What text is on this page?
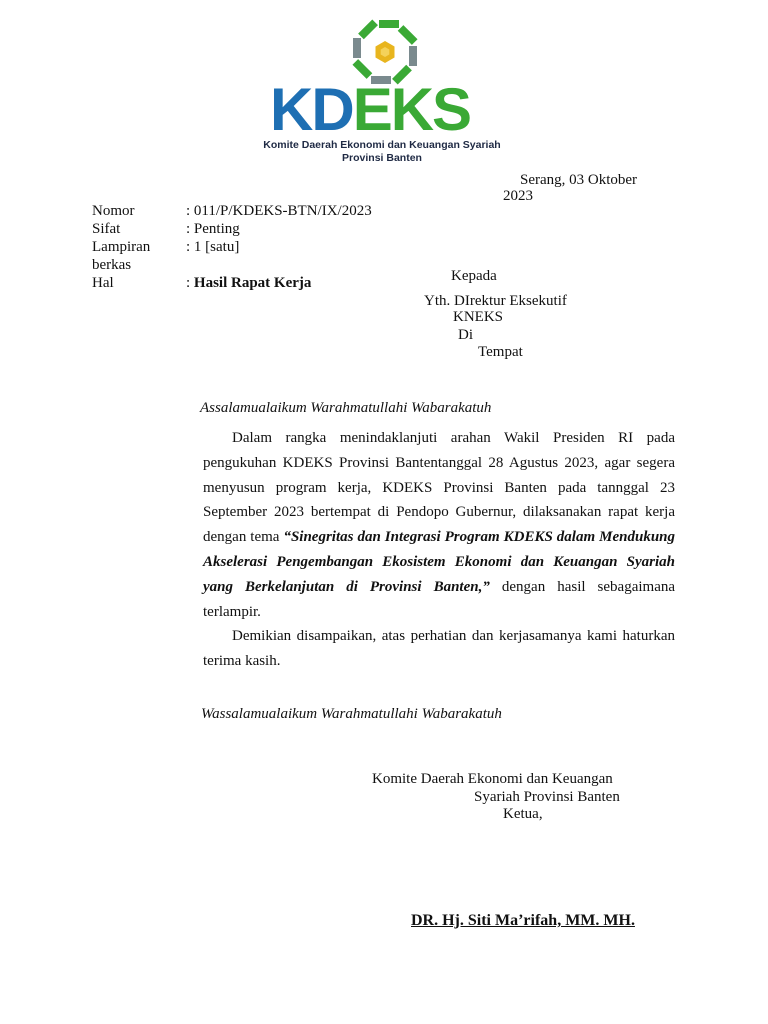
KDEKS
Komite Daerah Ekonomi dan Keuangan Syariah
Provinsi Banten
Serang, 03 Oktober
2023
Nomor	: 011/P/KDEKS-BTN/IX/2023
Sifat	: Penting
Lampiran : 1 [satu]
berkas
Hal	: Hasil Rapat Kerja	Kepada
Yth. DIrektur Eksekutif
KNEKS
Di
Tempat
Assalamualaikum Warahmatullahi Wabarakatuh

Dalam rangka menindaklanjuti arahan Wakil Presiden RI pada pengukuhan KDEKS Provinsi Bantentanggal 28 Agustus 2023, agar segera menyusun program kerja, KDEKS Provinsi Banten pada tannggal 23 September 2023 bertempat di Pendopo Gubernur, dilaksanakan rapat kerja dengan tema “Sinegritas dan Integrasi Program KDEKS dalam Mendukung Akselerasi Pengembangan Ekosistem Ekonomi dan Keuangan Syariah yang Berkelanjutan di Provinsi Banten,” dengan hasil sebagaimana terlampir.

Demikian disampaikan, atas perhatian dan kerjasamanya kami haturkan terima kasih.

Wassalamualaikum Warahmatullahi Wabarakatuh
Komite Daerah Ekonomi dan Keuangan
Syariah Provinsi Banten
Ketua,
DR. Hj. Siti Ma’rifah, MM. MH.
